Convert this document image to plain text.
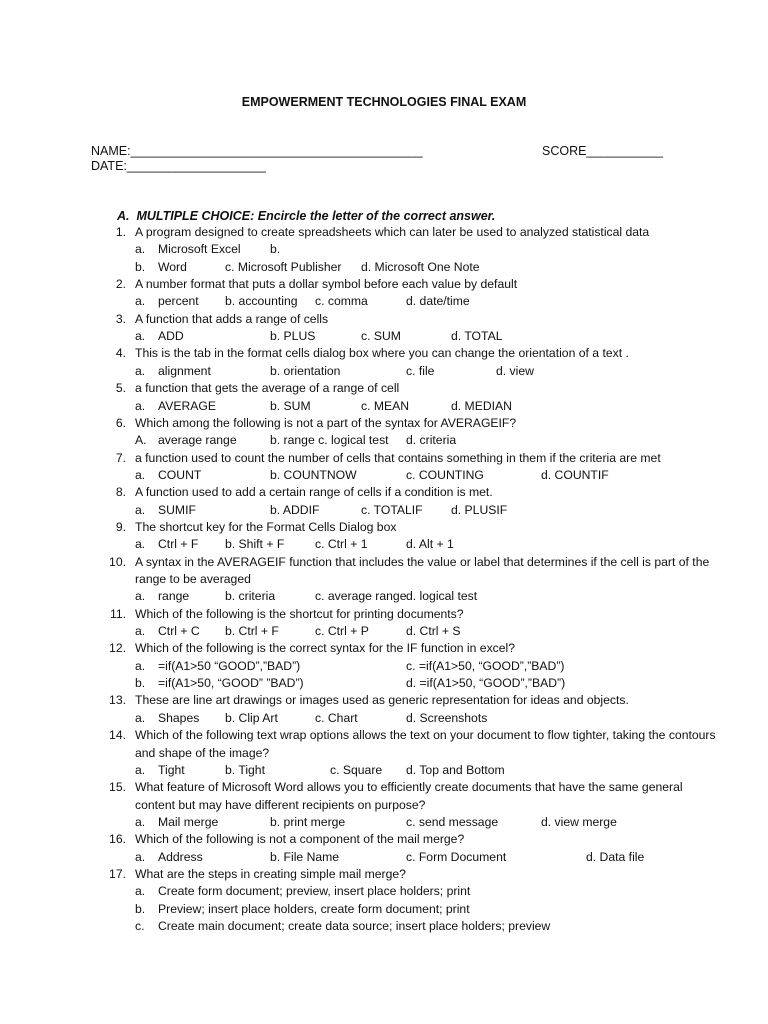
EMPOWERMENT TECHNOLOGIES FINAL EXAM
NAME:__________________________________________	SCORE___________
DATE:____________________
A. MULTIPLE CHOICE: Encircle the letter of the correct answer.
1. A program designed to create spreadsheets which can later be used to analyzed statistical data
a. Microsoft Excel b.
b. Word	c. Microsoft Publisher d. Microsoft One Note
2. A number format that puts a dollar symbol before each value by default
a. percent b. accounting c. comma	d. date/time
3. A function that adds a range of cells
a. ADD	b. PLUS	c. SUM	d. TOTAL
4. This is the tab in the format cells dialog box where you can change the orientation of a text .
a. alignment	b. orientation	c. file	d. view
5. a function that gets the average of a range of cell
a. AVERAGE	b. SUM	c. MEAN	d. MEDIAN
6. Which among the following is not a part of the syntax for AVERAGEIF?
A. average range	b. range c. logical test d. criteria
7. a function used to count the number of cells that contains something in them if the criteria are met
a. COUNT	b. COUNTNOW	c. COUNTING	d. COUNTIF
8. A function used to add a certain range of cells if a condition is met.
a. SUMIF	b. ADDIF	c. TOTALIF d. PLUSIF
9. The shortcut key for the Format Cells Dialog box
a. Ctrl + F b. Shift + F	c. Ctrl + 1	d. Alt + 1
10. A syntax in the AVERAGEIF function that includes the value or label that determines if the cell is part of the
range to be averaged
a. range	b. criteria	c. average range d. logical test
11. Which of the following is the shortcut for printing documents?
a. Ctrl + C b. Ctrl + F	c. Ctrl + P	d. Ctrl + S
12. Which of the following is the correct syntax for the IF function in excel?
a. =if(A1>50 “GOOD”,”BAD”)	c. =if(A1>50, “GOOD”,”BAD”)
b. =if(A1>50, “GOOD” ”BAD”)	d. =if(A1>50, “GOOD”,”BAD”)
13. These are line art drawings or images used as generic representation for ideas and objects.
a. Shapes b. Clip Art	c. Chart	d. Screenshots
14. Which of the following text wrap options allows the text on your document to flow tighter, taking the contours
and shape of the image?
a. Tight	b. Tight	c. Square d. Top and Bottom
15. What feature of Microsoft Word allows you to efficiently create documents that have the same general
content but may have different recipients on purpose?
a. Mail merge	b. print merge	c. send message	d. view merge
16. Which of the following is not a component of the mail merge?
a. Address	b. File Name	c. Form Document	d. Data file
17. What are the steps in creating simple mail merge?
a. Create form document; preview, insert place holders; print
b. Preview; insert place holders, create form document; print
c. Create main document; create data source; insert place holders; preview
